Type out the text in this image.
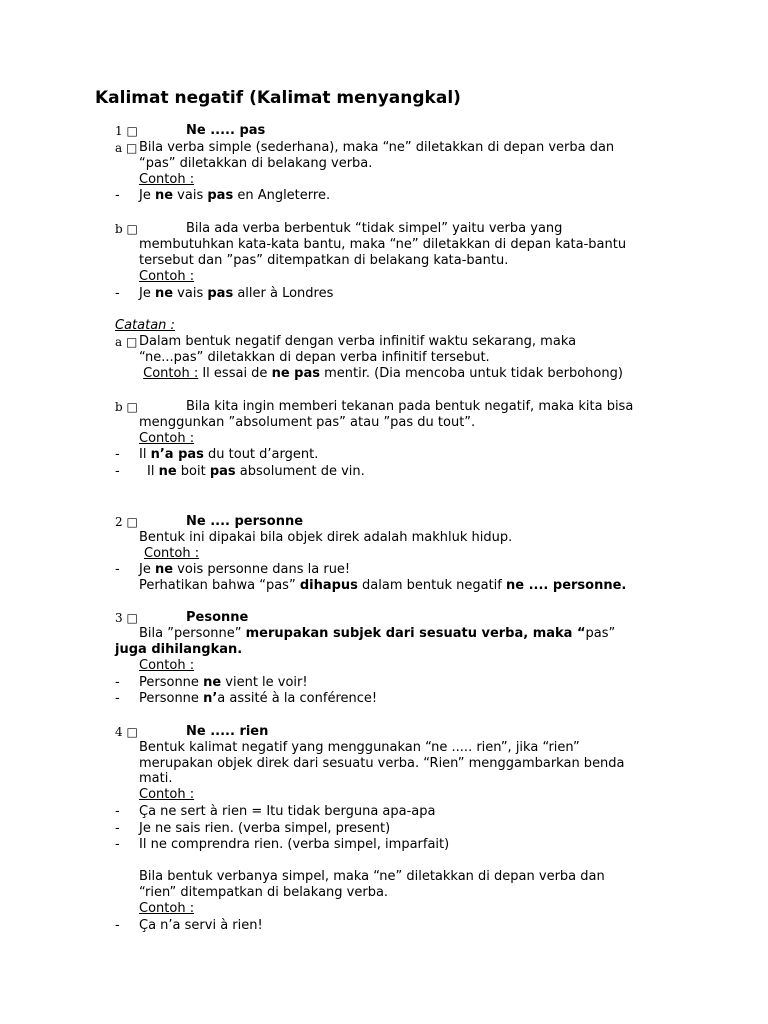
Kalimat negatif (Kalimat menyangkal)
1 □	Ne ..... pas
a □ Bila verba simple (sederhana), maka “ne” diletakkan di depan verba dan
“pas” diletakkan di belakang verba.
Contoh :
- Je ne vais pas en Angleterre.
b □	Bila ada verba berbentuk “tidak simpel” yaitu verba yang
membutuhkan kata-kata bantu, maka “ne” diletakkan di depan kata-bantu
tersebut dan ”pas” ditempatkan di belakang kata-bantu.
Contoh :
- Je ne vais pas aller à Londres
Catatan :
a □ Dalam bentuk negatif dengan verba infinitif waktu sekarang, maka
“ne...pas” diletakkan di depan verba infinitif tersebut.
Contoh : Il essai de ne pas mentir. (Dia mencoba untuk tidak berbohong)
b □	Bila kita ingin memberi tekanan pada bentuk negatif, maka kita bisa
menggunkan ”absolument pas” atau ”pas du tout”.
Contoh :
- Il n’a pas du tout d’argent.
- Il ne boit pas absolument de vin.
2 □	Ne .... personne
Bentuk ini dipakai bila objek direk adalah makhluk hidup.
Contoh :
- Je ne vois personne dans la rue!
Perhatikan bahwa “pas” dihapus dalam bentuk negatif ne .... personne.
3 □	Pesonne
Bila ”personne” merupakan subjek dari sesuatu verba, maka “pas”
juga dihilangkan.
Contoh :
- Personne ne vient le voir!
- Personne n’a assité à la conférence!
4 □	Ne ..... rien
Bentuk kalimat negatif yang menggunakan “ne ..... rien”, jika “rien”
merupakan objek direk dari sesuatu verba. “Rien” menggambarkan benda
mati.
Contoh :
- Ça ne sert à rien = Itu tidak berguna apa-apa
- Je ne sais rien. (verba simpel, present)
- Il ne comprendra rien. (verba simpel, imparfait)
Bila bentuk verbanya simpel, maka “ne” diletakkan di depan verba dan
“rien” ditempatkan di belakang verba.
Contoh :
- Ça n’a servi à rien!
